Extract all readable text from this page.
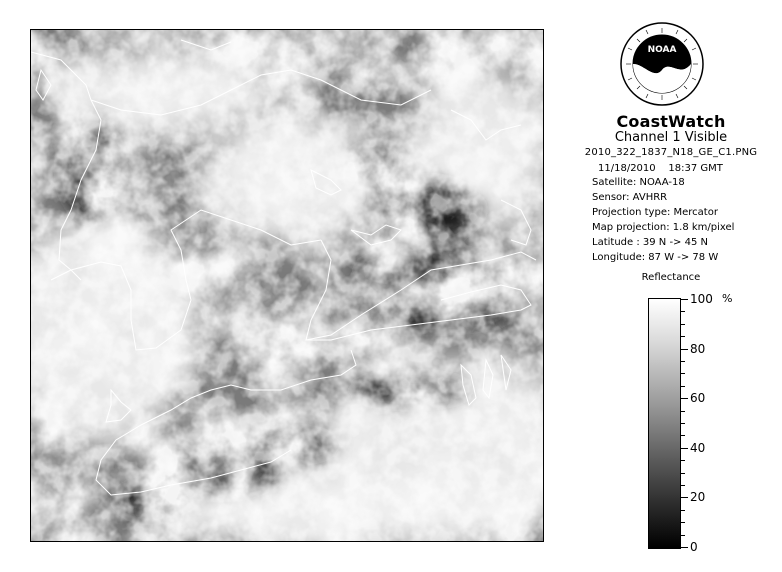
NOAA
CoastWatch
Channel 1 Visible
2010_322_1837_N18_GE_C1.PNG
11/18/2010 18:37 GMT
Satellite: NOAA-18
Sensor: AVHRR
Projection type: Mercator
Map projection: 1.8 km/pixel
Latitude : 39 N -> 45 N
Longitude: 87 W -> 78 W
Reflectance
%
100
80
60
40
20
0
